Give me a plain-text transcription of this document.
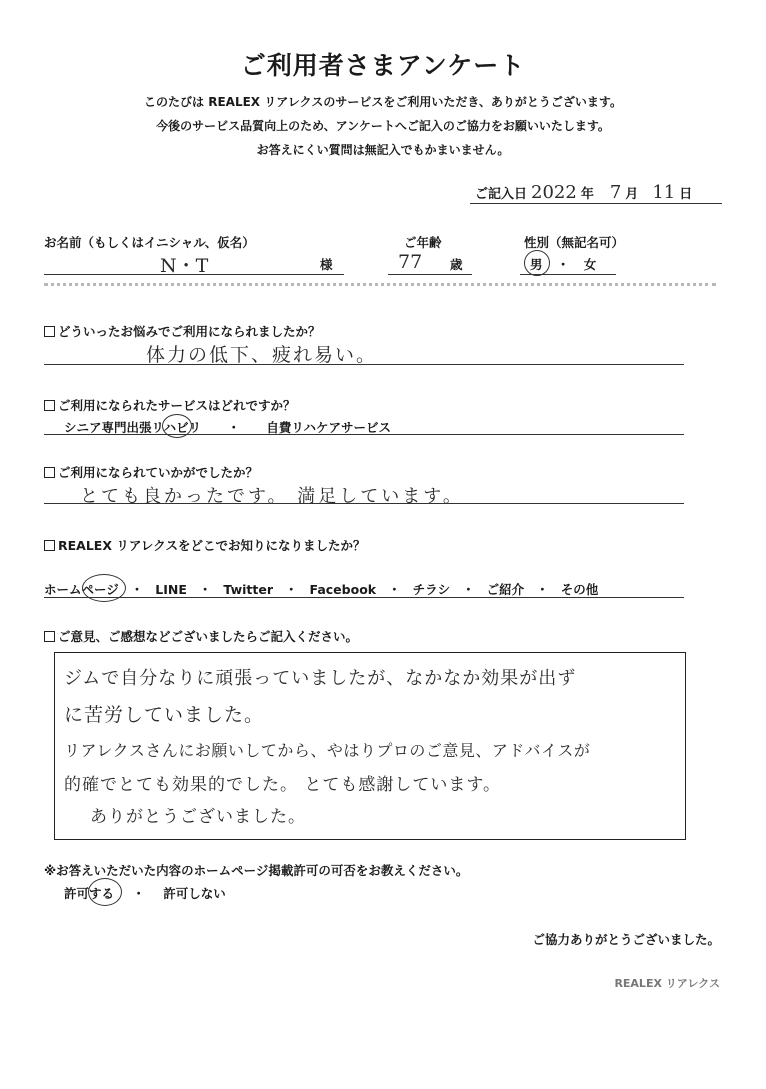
ご利用者さまアンケート
このたびは REALEX リアレクスのサービスをご利用いただき、ありがとうございます。
今後のサービス品質向上のため、アンケートへご記入のご協力をお願いいたします。
お答えにくい質問は無記入でもかまいません。
ご記入日 2022 年 7 月 11 日
お名前（もしくはイニシャル、仮名）	ご年齢	性別（無記名可）
N・T	様	77 歳	男 ・ 女
どういったお悩みでご利用になられましたか？
体力の低下、疲れ易い。
ご利用になられたサービスはどれですか？
シニア専門出張リハビリ ・ 自費リハケアサービス
ご利用になられていかがでしたか？
とても良かったです。 満足しています。
REALEX リアレクスをどこでお知りになりましたか？
ホームページ ・ LINE ・ Twitter ・ Facebook ・ チラシ ・ ご紹介 ・ その他
ご意見、ご感想などございましたらご記入ください。
ジムで自分なりに頑張っていましたが、なかなか効果が出ず
に苦労していました。
リアレクスさんにお願いしてから、やはりプロのご意見、アドバイスが
的確でとても効果的でした。 とても感謝しています。
ありがとうございました。
※お答えいただいた内容のホームページ掲載許可の可否をお教えください。
許可する ・ 許可しない
ご協力ありがとうございました。
REALEX リアレクス
